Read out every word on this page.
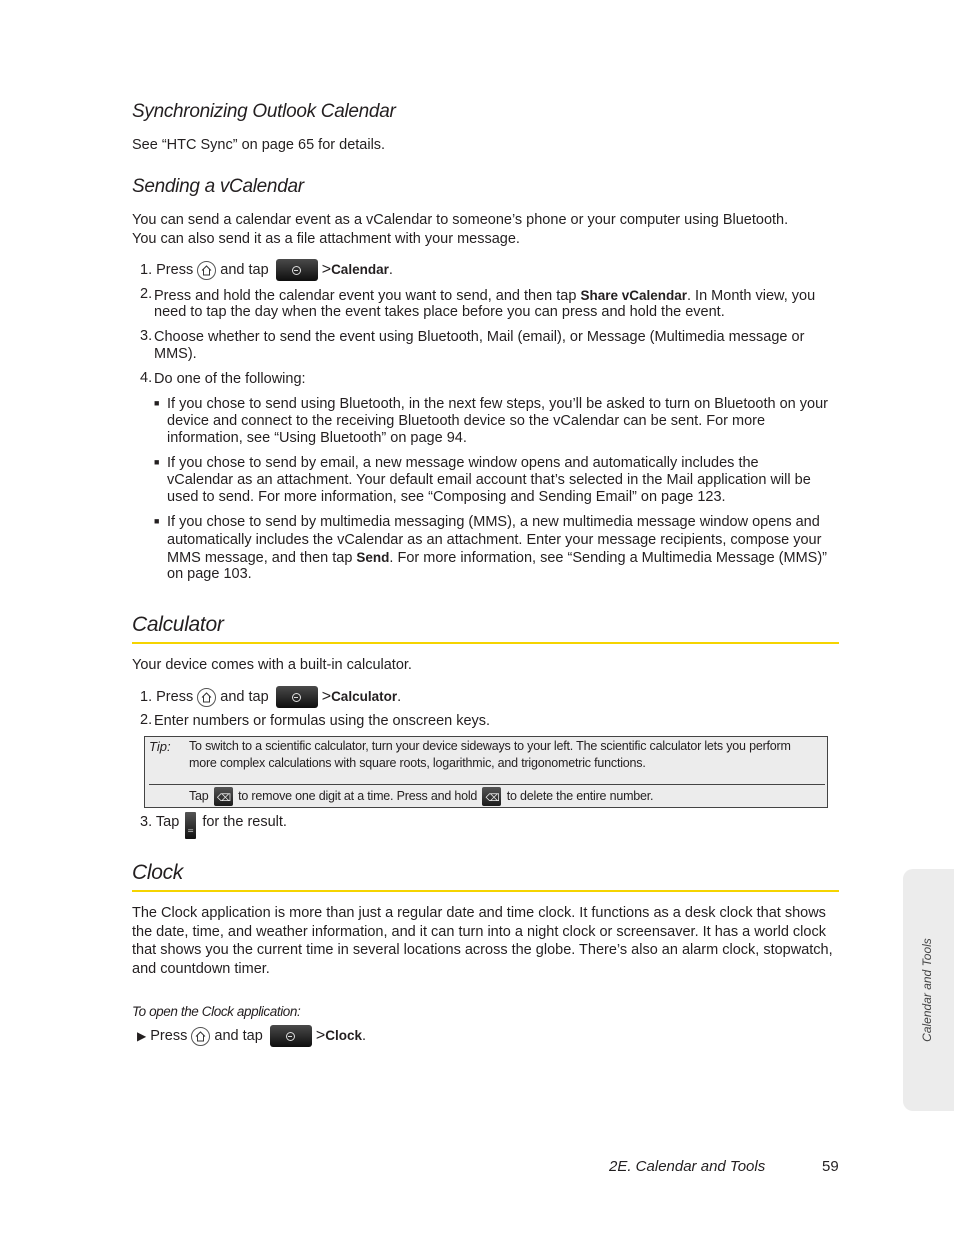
Synchronizing Outlook Calendar

See “HTC Sync” on page 65 for details.

Sending a vCalendar

You can send a calendar event as a vCalendar to someone’s phone or your computer using Bluetooth.

You can also send it as a file attachment with your message.

1. Press and tap	>Calendar.
2. Press and hold the calendar event you want to send, and then tap Share vCalendar. In Month view, you

need to tap the day when the event takes place before you can press and hold the event.

3. Choose whether to send the event using Bluetooth, Mail (email), or Message (Multimedia message or

MMS).

4. Do one of the following:

■ If you chose to send using Bluetooth, in the next few steps, you’ll be asked to turn on Bluetooth on your

device and connect to the receiving Bluetooth device so the vCalendar can be sent. For more

information, see “Using Bluetooth” on page 94.

■ If you chose to send by email, a new message window opens and automatically includes the

vCalendar as an attachment. Your default email account that’s selected in the Mail application will be

used to send. For more information, see “Composing and Sending Email” on page 123.

■ If you chose to send by multimedia messaging (MMS), a new multimedia message window opens and

automatically includes the vCalendar as an attachment. Enter your message recipients, compose your

MMS message, and then tap Send. For more information, see “Sending a Multimedia Message (MMS)”

on page 103.

Calculator

Your device comes with a built-in calculator.

1. Press and tap	>Calculator.
2. Enter numbers or formulas using the onscreen keys.

Tip: To switch to a scientific calculator, turn your device sideways to your left. The scientific calculator lets you perform more complex calculations with square roots, logarithmic, and trigonometric functions.
Tap ⌫ to remove one digit at a time. Press and hold ⌫ to delete the entire number.
3. Tap = for the result.
Clock

The Clock application is more than just a regular date and time clock. It functions as a desk clock that shows

the date, time, and weather information, and it can turn into a night clock or screensaver. It has a world clock

that shows you the current time in several locations across the globe. There’s also an alarm clock, stopwatch,

and countdown timer.

To open the Clock application:

▶ Press and tap	>Clock.	Calendar and Tools
2E. Calendar and Tools	59
